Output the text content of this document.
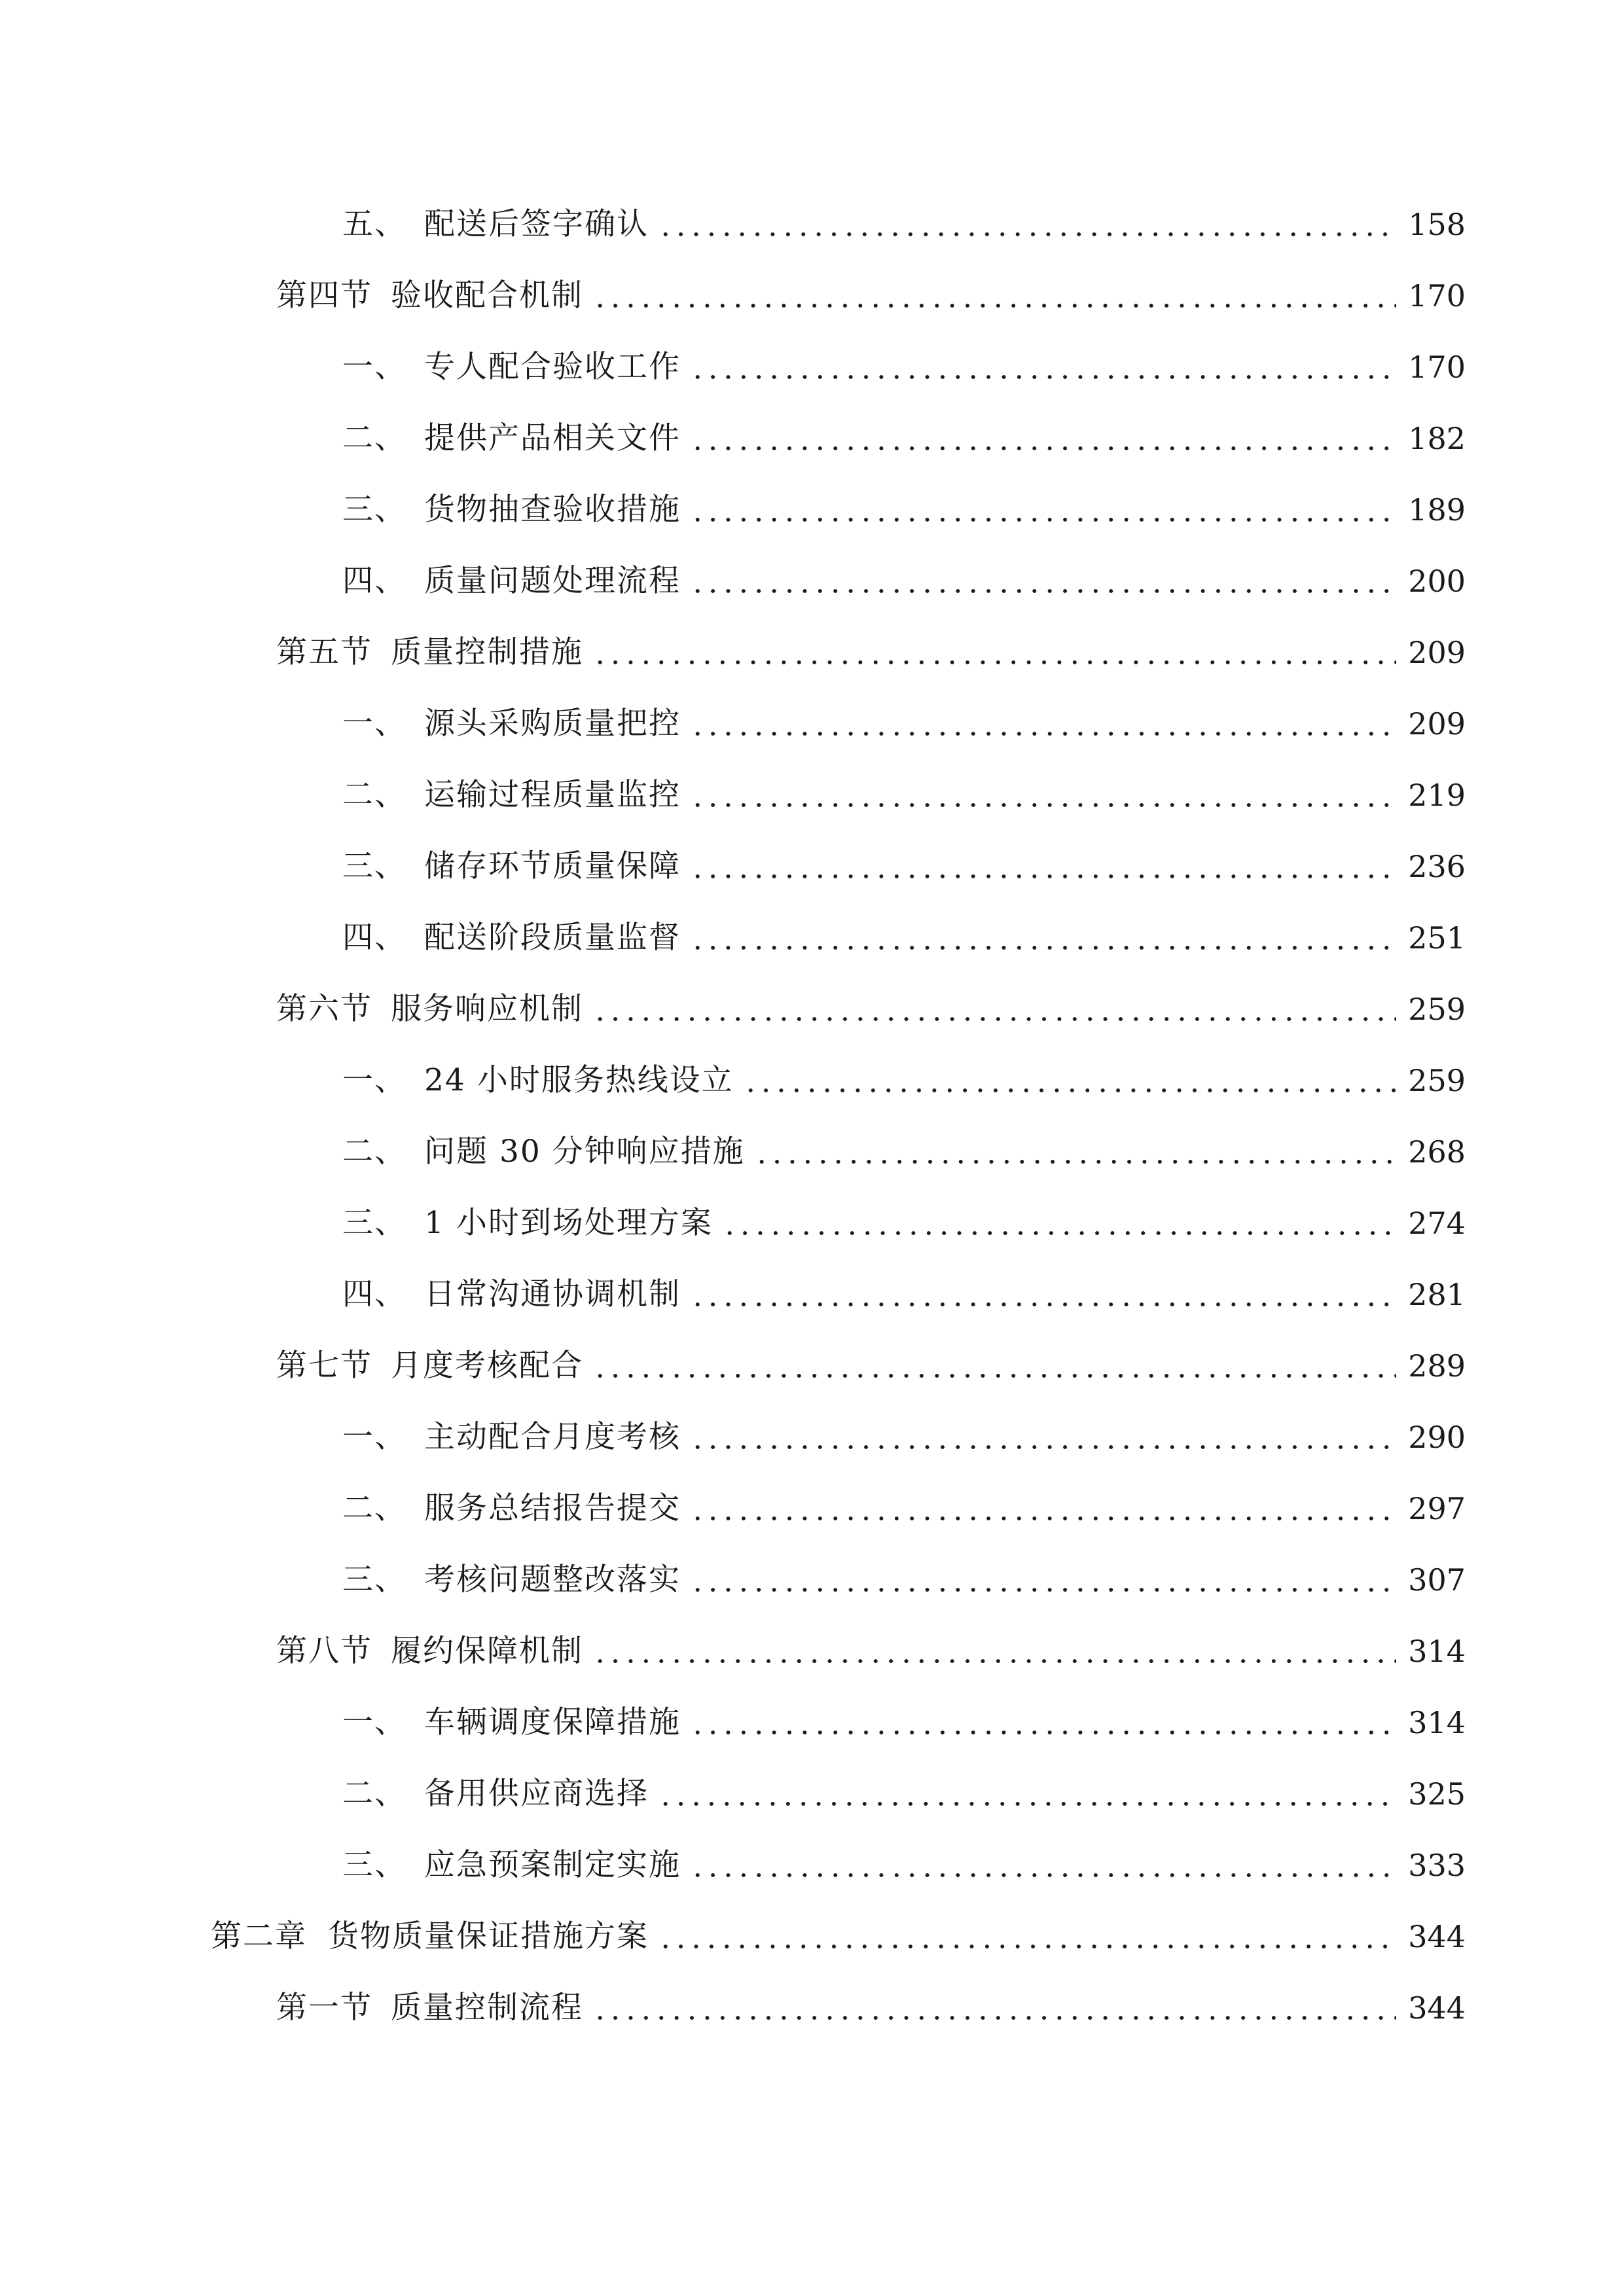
五、 配送后签字确认	158
第四节 验收配合机制	170
一、 专人配合验收工作	170
二、 提供产品相关文件	182
三、 货物抽查验收措施	189
四、 质量问题处理流程	200
第五节 质量控制措施	209
一、 源头采购质量把控	209
二、 运输过程质量监控	219
三、 储存环节质量保障	236
四、 配送阶段质量监督	251
第六节 服务响应机制	259
一、 24 小时服务热线设立	259
二、 问题 30 分钟响应措施	268
三、 1 小时到场处理方案	274
四、 日常沟通协调机制	281
第七节 月度考核配合	289
一、 主动配合月度考核	290
二、 服务总结报告提交	297
三、 考核问题整改落实	307
第八节 履约保障机制	314
一、 车辆调度保障措施	314
二、 备用供应商选择	325
三、 应急预案制定实施	333
第二章 货物质量保证措施方案	344
第一节 质量控制流程	344
